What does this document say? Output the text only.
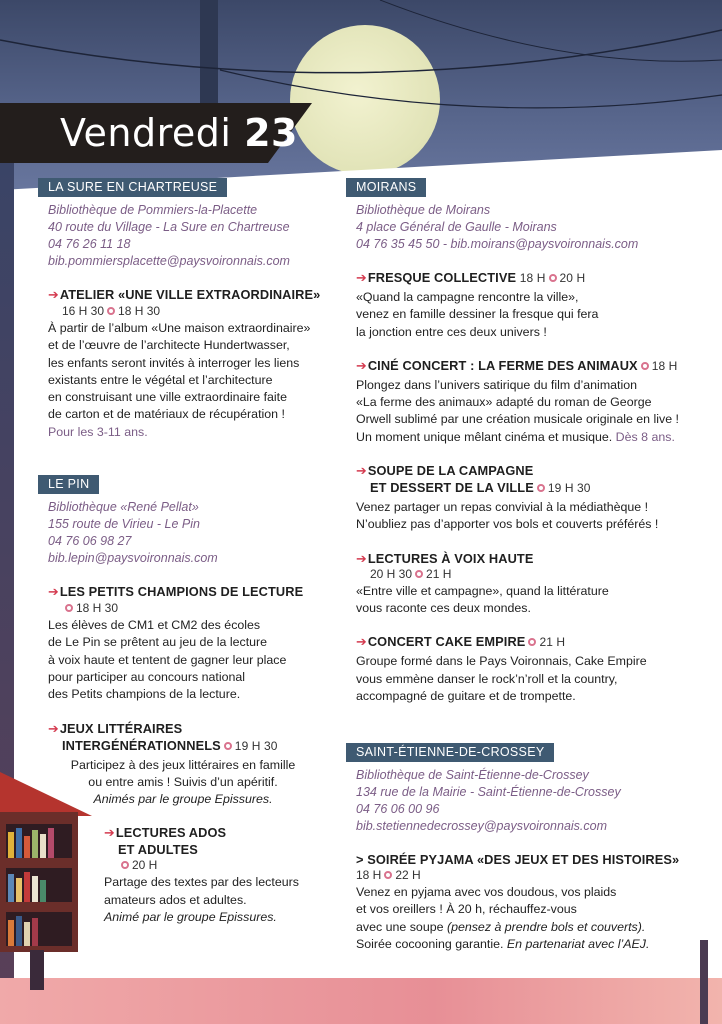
Vendredi 23
LA SURE EN CHARTREUSE
Bibliothèque de Pommiers-la-Placette
40 route du Village - La Sure en Chartreuse
04 76 26 11 18
bib.pommiersplacette@paysvoironnais.com
➔ATELIER «UNE VILLE EXTRAORDINAIRE»
16 H 30 18 H 30
À partir de l’album «Une maison extraordinaire»
et de l’œuvre de l’architecte Hundertwasser,
les enfants seront invités à interroger les liens
existants entre le végétal et l’architecture
en construisant une ville extraordinaire faite
de carton et de matériaux de récupération !
Pour les 3-11 ans.
LE PIN
Bibliothèque «René Pellat»
155 route de Virieu - Le Pin
04 76 06 98 27
bib.lepin@paysvoironnais.com
➔LES PETITS CHAMPIONS DE LECTURE
18 H 30
Les élèves de CM1 et CM2 des écoles
de Le Pin se prêtent au jeu de la lecture
à voix haute et tentent de gagner leur place
pour participer au concours national
des Petits champions de la lecture.
➔JEUX LITTÉRAIRES
INTERGÉNÉRATIONNELS 19 H 30
Participez à des jeux littéraires en famille
ou entre amis ! Suivis d’un apéritif.
Animés par le groupe Epissures.
➔LECTURES ADOS
ET ADULTES
20 H
Partage des textes par des lecteurs
amateurs ados et adultes.
Animé par le groupe Epissures.
MOIRANS
Bibliothèque de Moirans
4 place Général de Gaulle - Moirans
04 76 35 45 50 - bib.moirans@paysvoironnais.com
➔FRESQUE COLLECTIVE 18 H 20 H
«Quand la campagne rencontre la ville»,
venez en famille dessiner la fresque qui fera
la jonction entre ces deux univers !
➔CINÉ CONCERT : LA FERME DES ANIMAUX 18 H
Plongez dans l’univers satirique du film d’animation
«La ferme des animaux» adapté du roman de George
Orwell sublimé par une création musicale originale en live !
Un moment unique mêlant cinéma et musique. Dès 8 ans.
➔SOUPE DE LA CAMPAGNE
ET DESSERT DE LA VILLE 19 H 30
Venez partager un repas convivial à la médiathèque !
N’oubliez pas d’apporter vos bols et couverts préférés !
➔LECTURES À VOIX HAUTE
20 H 30 21 H
«Entre ville et campagne», quand la littérature
vous raconte ces deux mondes.
➔CONCERT CAKE EMPIRE 21 H
Groupe formé dans le Pays Voironnais, Cake Empire
vous emmène danser le rock’n’roll et la country,
accompagné de guitare et de trompette.
SAINT-ÉTIENNE-DE-CROSSEY
Bibliothèque de Saint-Étienne-de-Crossey
134 rue de la Mairie - Saint-Étienne-de-Crossey
04 76 06 00 96
bib.stetiennedecrossey@paysvoironnais.com
> SOIRÉE PYJAMA «DES JEUX ET DES HISTOIRES»
18 H 22 H
Venez en pyjama avec vos doudous, vos plaids
et vos oreillers ! À 20 h, réchauffez-vous
avec une soupe (pensez à prendre bols et couverts).
Soirée cocooning garantie. En partenariat avec l’AEJ.
